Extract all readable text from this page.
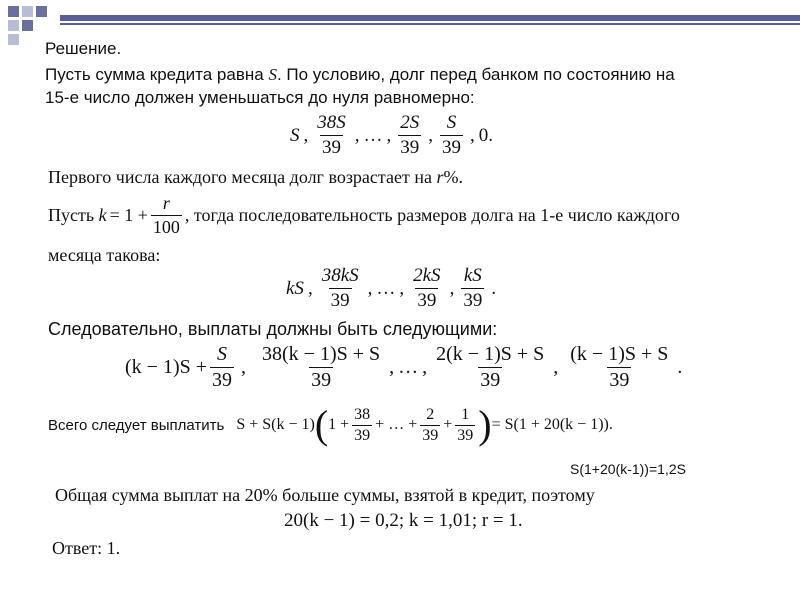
Решение.
Пусть сумма кредита равна S. По условию, долг перед банком по состоянию на
15-е число должен уменьшаться до нуля равномерно:
S , $\frac{38S}{39}$ , … , $\frac{2S}{39}$ , $\frac{S}{39}$ , 0.
Первого числа каждого месяца долг возрастает на r%.
Пусть
$k = 1 + \frac{r}{100}$ , тогда последовательность размеров долга на 1-е число каждого
месяца такова:
kS , $\frac{38kS}{39}$ , … , $\frac{2kS}{39}$ , $\frac{kS}{39}$ .
Следовательно, выплаты должны быть следующими:
$(k - 1)S + \frac{S}{39}$ , $\frac{38(k - 1)S + S}{39}$ , … , $\frac{2(k - 1)S + S}{39}$ , $\frac{(k - 1)S + S}{39}$ .
Всего следует выплатить S + S(k − 1) ( $1 + \frac{38}{39}$ + … + $\frac{2}{39} + \frac{1}{39}$ ) = S(1 + 20(k − 1)).
S(1+20(k-1))=1,2S
Общая сумма выплат на 20% больше суммы, взятой в кредит, поэтому
20(k − 1) = 0,2; k = 1,01; r = 1.
Ответ: 1.
